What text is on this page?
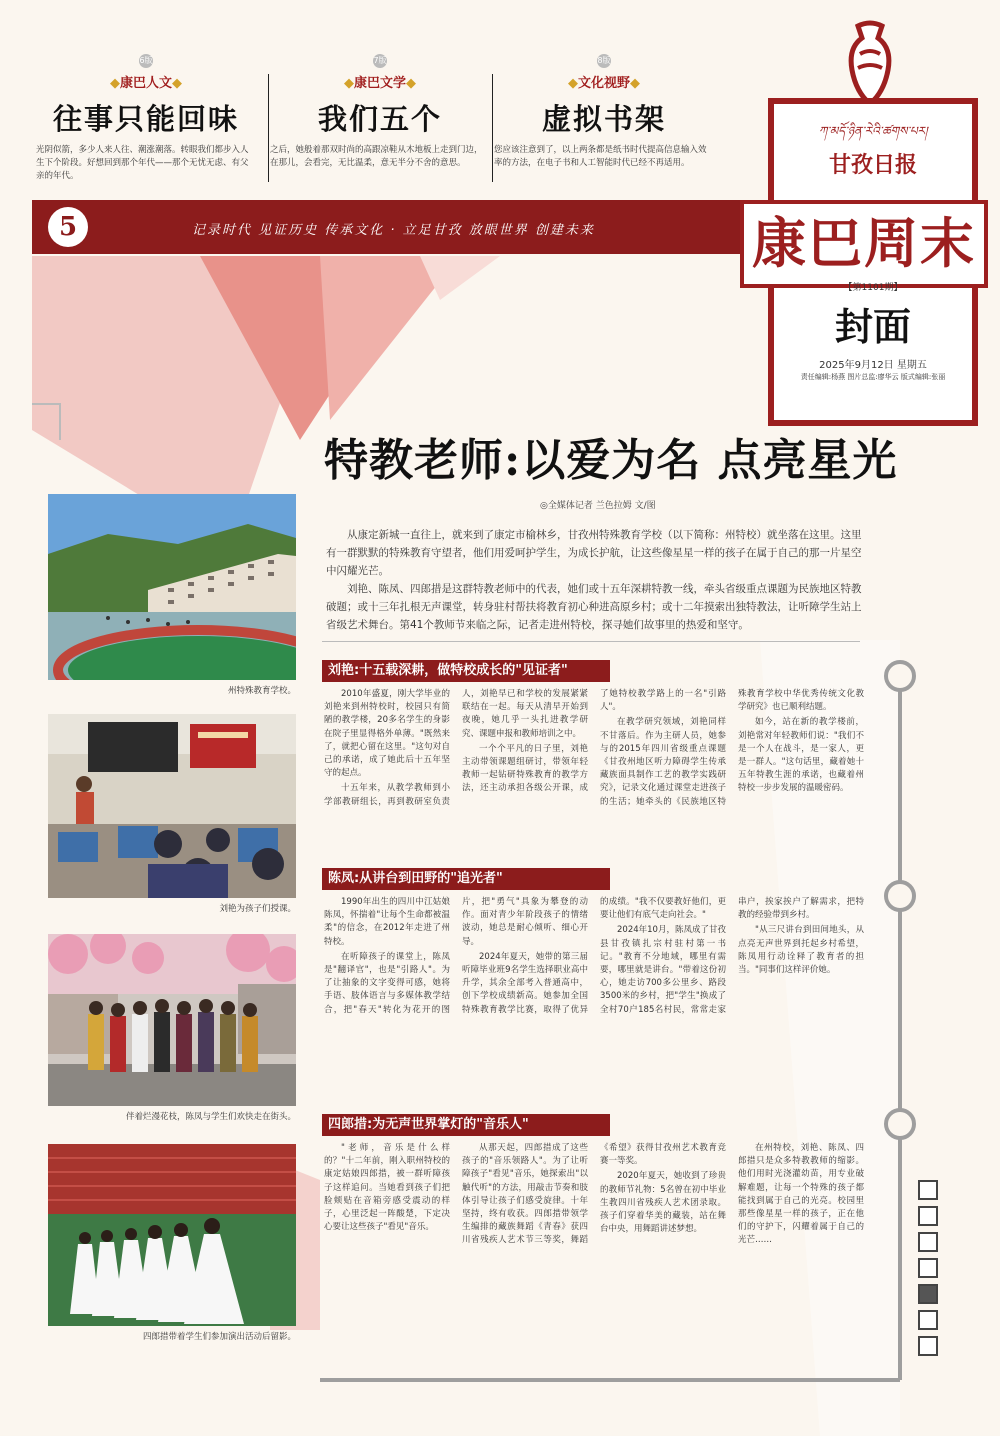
6版
◆康巴人文◆
往事只能回味
光阴似箭，多少人来人往、潮涨潮落。转眼我们都步入人生下个阶段。好想回到那个年代——那个无忧无虑、有父亲的年代。
7版
◆康巴文学◆
我们五个
之后，她般着那双时尚的高跟凉鞋从木地板上走到门边，在那儿，会看完，无比温柔，意无半分不舍的意思。
8版
◆文化视野◆
虚拟书架
您应该注意到了，以上两条都是纸书时代提高信息输入效率的方法，在电子书和人工智能时代已经不再适用。
5	记录时代 见证历史 传承文化 · 立足甘孜 放眼世界 创建未来
ཀ་མདོ་ཉིན་རེའི་ཚགས་པར།
甘孜日报
康巴周末
【第1101期】
封面
2025年9月12日 星期五
责任编辑:杨燕 图片总监:廖华云 版式编辑:张丽
特教老师:以爱为名 点亮星光
◎全媒体记者 兰色拉姆 文/图

从康定新城一直往上，就来到了康定市榆林乡，甘孜州特殊教育学校（以下简称：州特校）就坐落在这里。这里有一群默默的特殊教育守望者，他们用爱呵护学生，为成长护航，让这些像星星一样的孩子在属于自己的那一片星空中闪耀光芒。

刘艳、陈凤、四郎措是这群特教老师中的代表，她们或十五年深耕特教一线，牵头省级重点课题为民族地区特教破题；或十三年扎根无声课堂，转身驻村帮扶将教育初心种进高原乡村；或十二年摸索出独特教法，让听障学生站上省级艺术舞台。第41个教师节来临之际，记者走进州特校，探寻她们故事里的热爱和坚守。

刘艳:十五载深耕，做特校成长的"见证者"

2010年盛夏，刚大学毕业的刘艳来到州特校时，校园只有简陋的教学楼，20多名学生的身影在院子里显得格外单薄。"既然来了，就把心留在这里。"这句对自己的承诺，成了她此后十五年坚守的起点。

十五年来，从教学教师到小学部教研组长，再到教研室负责人，刘艳早已和学校的发展紧紧联结在一起。每天从清早开始到夜晚，她几乎一头扎进教学研究、课题申报和教师培训之中。

一个个平凡的日子里，刘艳主动带领课题组研讨，带领年轻教师一起钻研特殊教育的教学方法，还主动承担各级公开课，成了她特校教学路上的一名"引路人"。

在教学研究领域，刘艳同样不甘落后。作为主研人员，她参与的2015年四川省级重点课题《甘孜州地区听力障碍学生传承藏族面具制作工艺的教学实践研究》，记录文化通过课堂走进孩子的生活；她牵头的《民族地区特殊教育学校中华优秀传统文化教学研究》也已顺利结题。

如今，站在新的教学楼前，刘艳常对年轻教师们说："我们不是一个人在战斗，是一家人，更是一群人。"这句话里，藏着她十五年特教生涯的承诺，也藏着州特校一步步发展的温暖密码。

陈凤:从讲台到田野的"追光者"

1990年出生的四川中江姑娘陈凤，怀揣着"让每个生命都被温柔"的信念，在2012年走进了州特校。

在听障孩子的课堂上，陈凤是"翻译官"，也是"引路人"。为了让抽象的文字变得可感，她将手语、肢体语言与多媒体教学结合，把"春天"转化为花开的图片，把"勇气"具象为攀登的动作。面对青少年阶段孩子的情绪波动，她总是耐心倾听、细心开导。

2024年夏天，她带的第三届听障毕业班9名学生选择职业高中升学，其余全部考入普通高中，创下学校成绩新高。她参加全国特殊教育教学比赛，取得了优异的成绩。"我不仅要教好他们，更要让他们有底气走向社会。"

2024年10月，陈凤成了甘孜县甘孜镇扎宗村驻村第一书记。"教育不分地域，哪里有需要，哪里就是讲台。"带着这份初心，她走访700多公里乡、路段3500米的乡村，把"学生"换成了全村70户185名村民，常常走家串户，挨家挨户了解需求，把特教的经验带到乡村。

"从三尺讲台到田间地头，从点亮无声世界到托起乡村希望，陈凤用行动诠释了教育者的担当。"同事们这样评价她。

四郎措:为无声世界掌灯的"音乐人"

"老师，音乐是什么样的？"十二年前，刚入职州特校的康定姑娘四郎措，被一群听障孩子这样追问。当她看到孩子们把脸颊贴在音箱旁感受震动的样子，心里泛起一阵酸楚，下定决心要让这些孩子"看见"音乐。

从那天起，四郎措成了这些孩子的"音乐领路人"。为了让听障孩子"看见"音乐，她探索出"以触代听"的方法，用敲击节奏和肢体引导让孩子们感受旋律。十年坚持，终有收获。四郎措带领学生编排的藏族舞蹈《青春》获四川省残疾人艺术节三等奖，舞蹈《希望》获得甘孜州艺术教育竞赛一等奖。

2020年夏天，她收到了珍贵的教师节礼物：5名曾在初中毕业生教四川省残疾人艺术团录取。孩子们穿着华美的藏装，站在舞台中央，用舞蹈讲述梦想。

在州特校，刘艳、陈凤、四郎措只是众多特教教师的缩影。他们用时光浇灌幼苗，用专业破解难题，让每一个特殊的孩子都能找到属于自己的光亮。校园里那些像星星一样的孩子，正在他们的守护下，闪耀着属于自己的光芒……

州特殊教育学校。
刘艳为孩子们授课。
伴着烂漫花枝，陈凤与学生们欢快走在街头。
四郎措带着学生们参加演出活动后留影。
